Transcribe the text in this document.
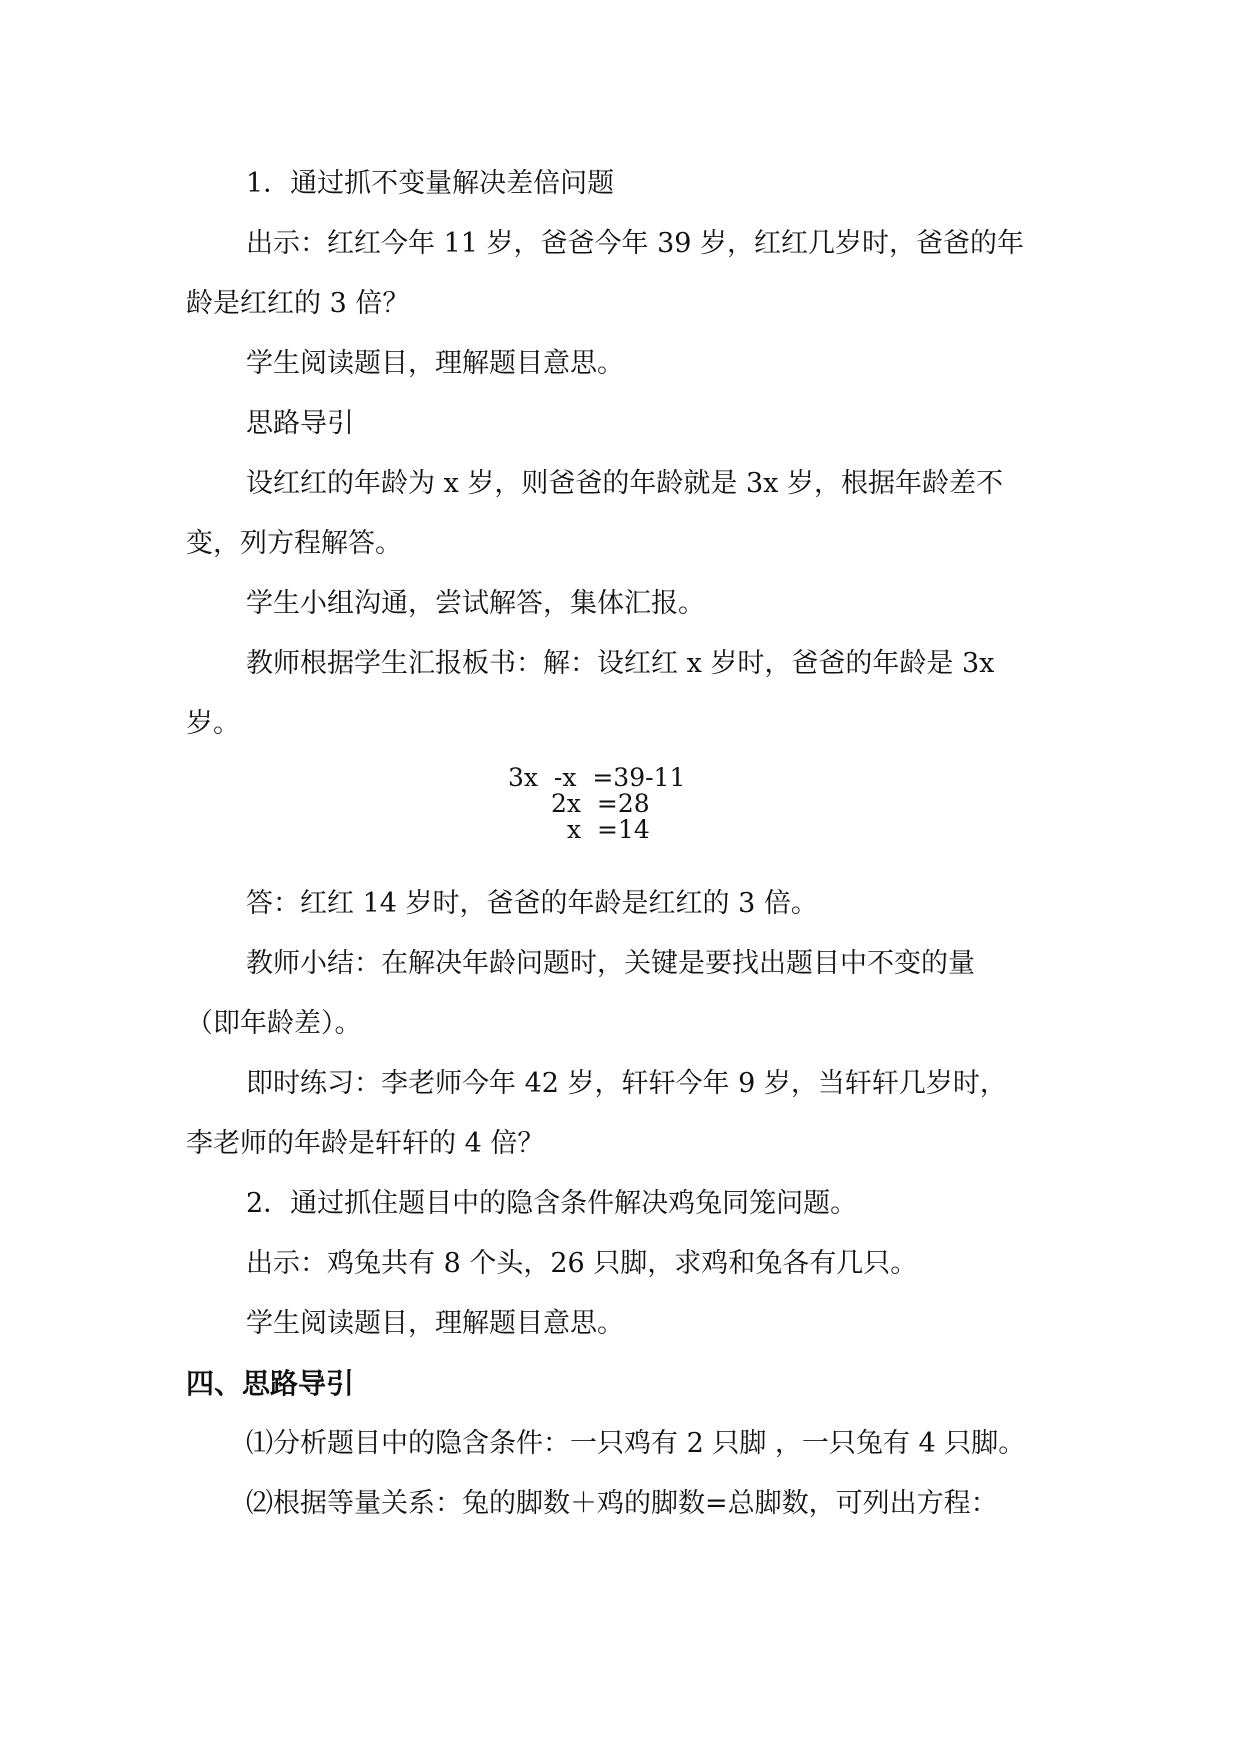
1．通过抓不变量解决差倍问题
出示：红红今年 11 岁，爸爸今年 39 岁，红红几岁时，爸爸的年
龄是红红的 3 倍？
学生阅读题目，理解题目意思。
思路导引
设红红的年龄为 x 岁，则爸爸的年龄就是 3x 岁，根据年龄差不
变，列方程解答。
学生小组沟通，尝试解答，集体汇报。
教师根据学生汇报板书：解：设红红 x 岁时，爸爸的年龄是 3x
岁。
3x  -x  =39-11
2x  =28
x  =14
答：红红 14 岁时，爸爸的年龄是红红的 3 倍。
教师小结：在解决年龄问题时，关键是要找出题目中不变的量
（即年龄差）。
即时练习：李老师今年 42 岁，轩轩今年 9 岁，当轩轩几岁时，
李老师的年龄是轩轩的 4 倍？
2．通过抓住题目中的隐含条件解决鸡兔同笼问题。
出示：鸡兔共有 8 个头，26 只脚，求鸡和兔各有几只。
学生阅读题目，理解题目意思。
四、思路导引
⑴分析题目中的隐含条件：一只鸡有 2 只脚 ，一只兔有 4 只脚。
⑵根据等量关系：兔的脚数＋鸡的脚数=总脚数，可列出方程：
